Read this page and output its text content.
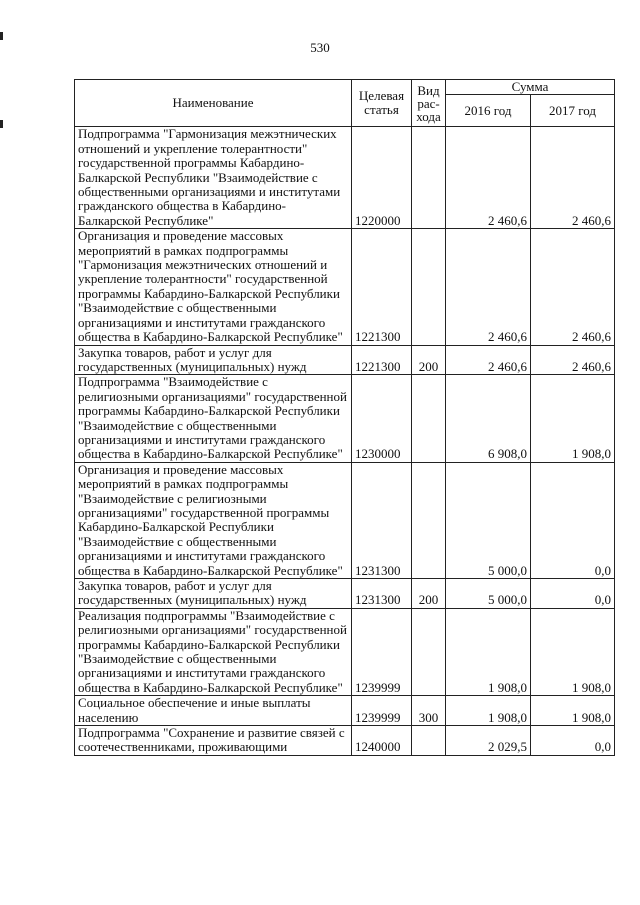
530
Наименование	Целевая статья	Вид рас- хода	Сумма	
			2016 год	2017 год
Подпрограмма "Гармонизация межэтнических отношений и укрепление толерантности" государственной программы Кабардино-Балкарской Республики "Взаимодействие с общественными организациями и институтами гражданского общества в Кабардино-Балкарской Республике"	1220000		2 460,6	2 460,6
Организация и проведение массовых мероприятий в рамках подпрограммы "Гармонизация межэтнических отношений и укрепление толерантности" государственной программы Кабардино-Балкарской Республики "Взаимодействие с общественными организациями и институтами гражданского общества в Кабардино-Балкарской Республике"	1221300		2 460,6	2 460,6
Закупка товаров, работ и услуг для государственных (муниципальных) нужд	1221300	200	2 460,6	2 460,6
Подпрограмма "Взаимодействие с религиозными организациями" государственной программы Кабардино-Балкарской Республики "Взаимодействие с общественными организациями и институтами гражданского общества в Кабардино-Балкарской Республике"	1230000		6 908,0	1 908,0
Организация и проведение массовых мероприятий в рамках подпрограммы "Взаимодействие с религиозными организациями" государственной программы Кабардино-Балкарской Республики "Взаимодействие с общественными организациями и институтами гражданского общества в Кабардино-Балкарской Республике"	1231300		5 000,0	0,0
Закупка товаров, работ и услуг для государственных (муниципальных) нужд	1231300	200	5 000,0	0,0
Реализация подпрограммы "Взаимодействие с религиозными организациями" государственной программы Кабардино-Балкарской Республики "Взаимодействие с общественными организациями и институтами гражданского общества в Кабардино-Балкарской Республике"	1239999		1 908,0	1 908,0
Социальное обеспечение и иные выплаты населению	1239999	300	1 908,0	1 908,0
Подпрограмма "Сохранение и развитие связей с соотечественниками, проживающими	1240000		2 029,5	0,0
